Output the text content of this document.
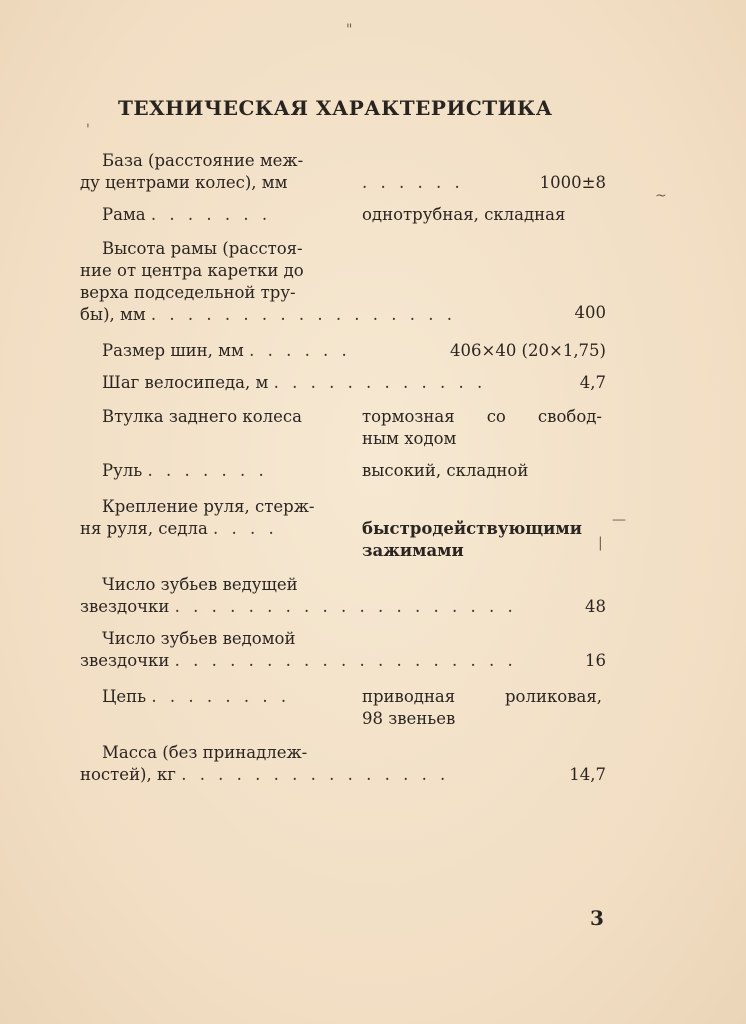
"
'
~
—
|
ТЕХНИЧЕСКАЯ ХАРАКТЕРИСТИКА
База (расстояние меж-
ду центрами колес), мм	1000±8
. . . . . .
Рама . . . . . . .	однотрубная, складная
Высота рамы (расстоя-
ние от центра каретки до
верха подседельной тру-
бы), мм . . . . . . . . . . . . . . . . .	400
Размер шин, мм . . . . . .	406×40 (20×1,75)
Шаг велосипеда, м . . . . . . . . . . . .	4,7
Втулка заднего колеса	тормозная со свобод-
ным ходом
Руль . . . . . . .	высокий, складной
Крепление руля, стерж-
ня руля, седла . . . .	быстродействующими
зажимами
Число зубьев ведущей
звездочки . . . . . . . . . . . . . . . . . . .	48
Число зубьев ведомой
звездочки . . . . . . . . . . . . . . . . . . .	16
Цепь . . . . . . . .	приводная роликовая,
98 звеньев
Масса (без принадлеж-
ностей), кг . . . . . . . . . . . . . . .	14,7
3
